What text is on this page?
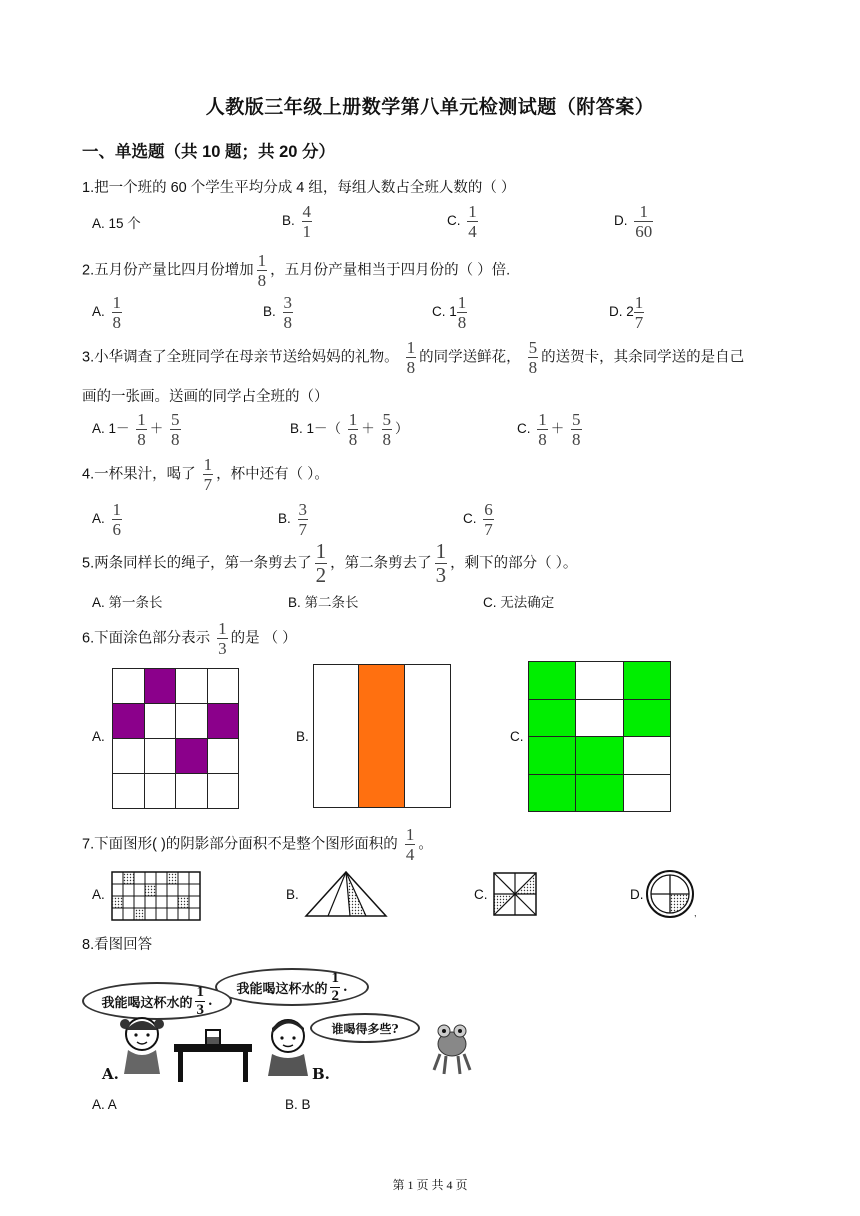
人教版三年级上册数学第八单元检测试题（附答案）
一、单选题（共 10 题；共 20 分）
1.把一个班的 60 个学生平均分成 4 组，每组人数占全班人数的（ ）
A. 15 个	B. $\frac{4}{1}$	C. $\frac{1}{4}$	D. $\frac{1}{60}$
2.五月份产量比四月份增加 $\frac{1}{8}$ ，五月份产量相当于四月份的（ ）倍.
A. $\frac{1}{8}$	B. $\frac{3}{8}$	C. $1 \frac{1}{8}$	D. $2 \frac{1}{7}$
3.小华调查了全班同学在母亲节送给妈妈的礼物。 $\frac{1}{8}$ 的同学送鲜花， $\frac{5}{8}$ 的送贺卡，其余同学送的是自己
画的一张画。送画的同学占全班的（）
A. $1- \frac{1}{8} + \frac{5}{8}$	B. $1-( \frac{1}{8} + \frac{5}{8}$ ）	C. $\frac{1}{8} + \frac{5}{8}$
4.一杯果汁，喝了 $\frac{1}{7}$ ，杯中还有（ ）。
A. $\frac{1}{6}$	B. $\frac{3}{7}$	C. $\frac{6}{7}$
5.两条同样长的绳子，第一条剪去了 $\frac{1}{2}$ ，第二条剪去了 $\frac{1}{3}$ ，剩下的部分（ ）。
A. 第一条长	B. 第二条长	C. 无法确定
6.下面涂色部分表示 $\frac{1}{3}$ 的是 （ ）
A.	B.	C.
7.下面图形( )的阴影部分面积不是整个图形面积的 $\frac{1}{4}$ 。
A.	B.	C.	D.
,
8.看图回答
我能喝这杯水的 $\frac{1}{2}$ .
我能喝这杯水的 $\frac{1}{3}$ .
谁喝得多些?
A.	B.
A. A	B. B
第 1 页 共 4 页
